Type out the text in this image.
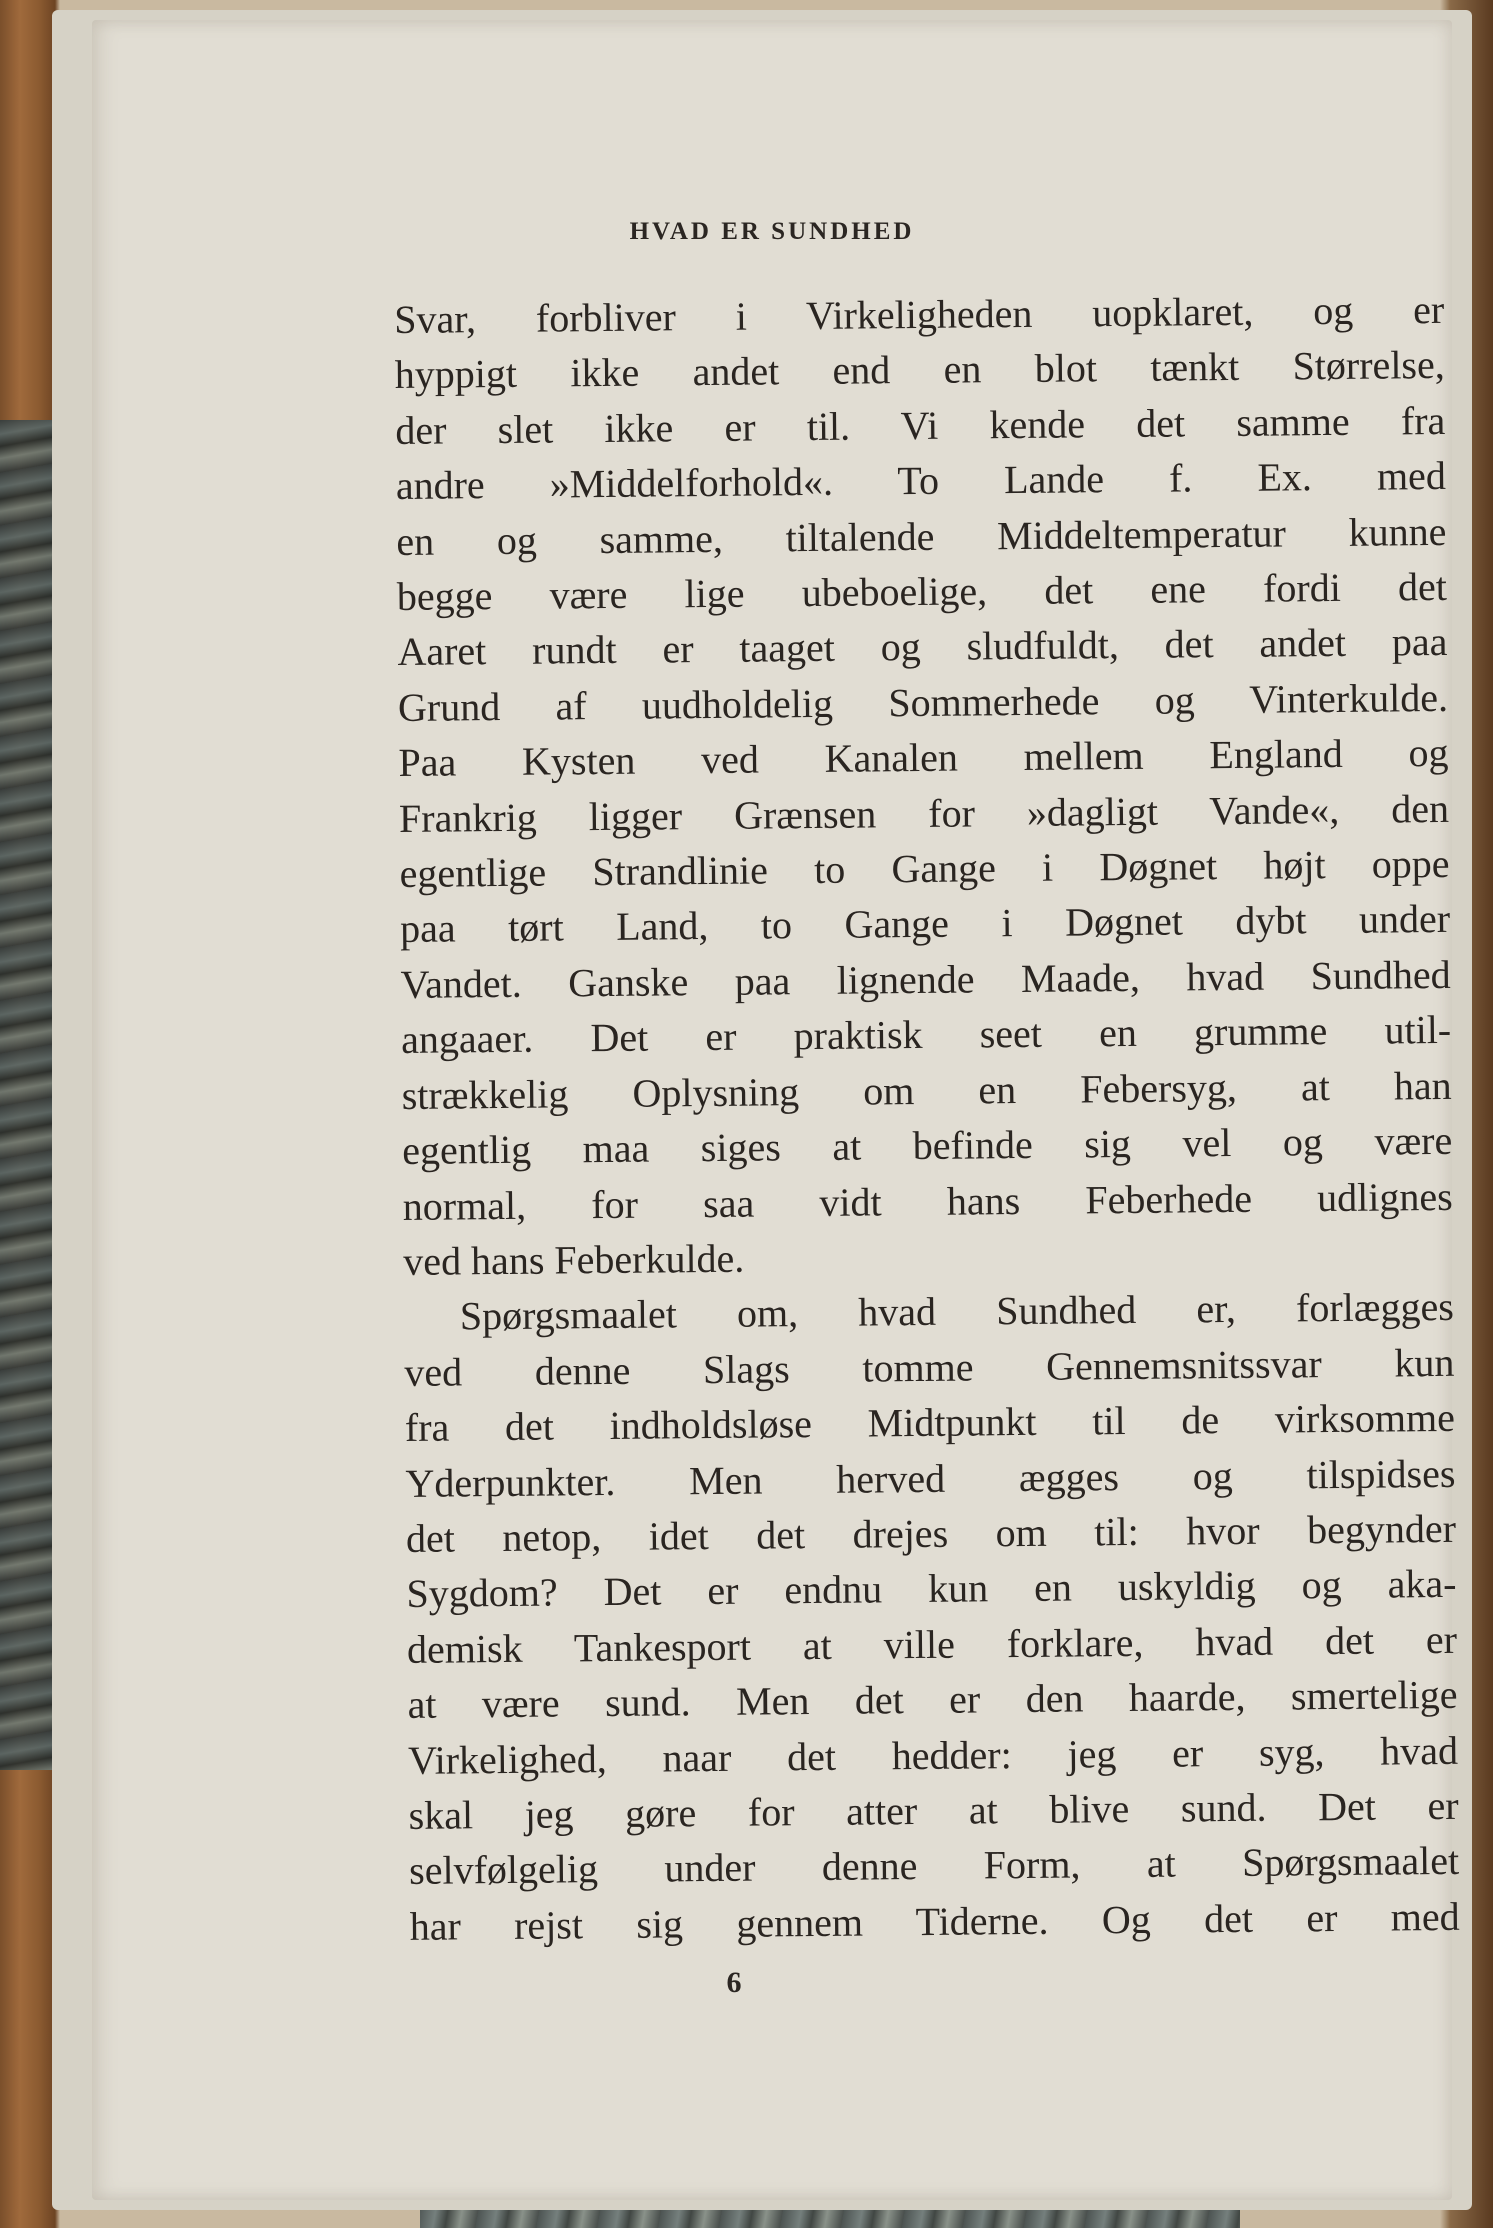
HVAD ER SUNDHED
Svar, forbliver i Virkeligheden uopklaret, og er
hyppigt ikke andet end en blot tænkt Størrelse,
der slet ikke er til. Vi kende det samme fra
andre »Middelforhold«. To Lande f. Ex. med
en og samme, tiltalende Middeltemperatur kunne
begge være lige ubeboelige, det ene fordi det
Aaret rundt er taaget og sludfuldt, det andet paa
Grund af uudholdelig Sommerhede og Vinterkulde.
Paa Kysten ved Kanalen mellem England og
Frankrig ligger Grænsen for »dagligt Vande«, den
egentlige Strandlinie to Gange i Døgnet højt oppe
paa tørt Land, to Gange i Døgnet dybt under
Vandet. Ganske paa lignende Maade, hvad Sundhed
angaaer. Det er praktisk seet en grumme util-
strækkelig Oplysning om en Febersyg, at han
egentlig maa siges at befinde sig vel og være
normal, for saa vidt hans Feberhede udlignes
ved hans Feberkulde.
Spørgsmaalet om, hvad Sundhed er, forlægges
ved denne Slags tomme Gennemsnitssvar kun
fra det indholdsløse Midtpunkt til de virksomme
Yderpunkter. Men herved ægges og tilspidses
det netop, idet det drejes om til: hvor begynder
Sygdom? Det er endnu kun en uskyldig og aka-
demisk Tankesport at ville forklare, hvad det er
at være sund. Men det er den haarde, smertelige
Virkelighed, naar det hedder: jeg er syg, hvad
skal jeg gøre for atter at blive sund. Det er
selvfølgelig under denne Form, at Spørgsmaalet
har rejst sig gennem Tiderne. Og det er med
6
